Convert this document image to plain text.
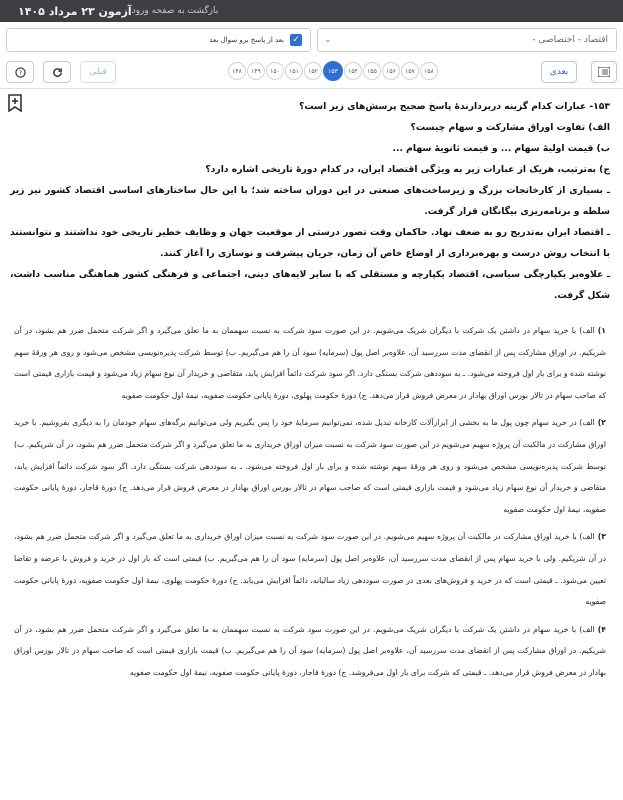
آزمون ۲۳ مرداد ۱۴۰۵ بازگشت به صفحه ورود
اقتصاد - اختصاصی -
⌄
✓
بعد از پاسخ برو سوال بعد
بعدی
۱۵۸
۱۵۷
۱۵۶
۱۵۵
۱۵۴
۱۵۳
۱۵۲
۱۵۱
۱۵۰
۱۴۹
۱۴۸
قبلی
?

۱۵۳- عبارات کدام گزینه دربردارندۀ پاسخ صحیح پرسش‌های زیر است؟

الف) تفاوت اوراق مشارکت و سهام چیست؟

ب) قیمت اولیۀ سهام ... و قیمت ثانویۀ سهام ...

ج) به‌ترتیب، هریک از عبارات زیر به ویژگی اقتصاد ایران، در کدام دورۀ تاریخی اشاره دارد؟

ـ بسیاری از کارخانجات بزرگ و زیرساخت‌های صنعتی در این دوران ساخته شد؛ با این حال ساختارهای اساسی اقتصاد کشور نیز زیر سلطه و برنامه‌ریزی بیگانگان قرار گرفت.

ـ اقتصاد ایران به‌تدریج رو به ضعف نهاد. حاکمان وقت تصور درستی از موقعیت جهان و وظایف خطیر تاریخی خود نداشتند و نتوانستند با انتخاب روش درست و بهره‌برداری از اوضاع خاص آن زمان، جریان پیشرفت و نوسازی را آغاز کنند.

ـ علاوه‌بر یکپارچگی سیاسی، اقتصاد یکپارچه و مستقلی که با سایر لایه‌های دینی، اجتماعی و فرهنگی کشور هماهنگی مناسب داشت، شکل گرفت.

۱)الف) با خرید سهام در داشتن یک شرکت با دیگران شریک می‌شویم. در این صورت سود شرکت به نسبت سهممان به ما تعلق می‌گیرد و اگر شرکت متحمل ضرر هم بشود، در آن شریکیم. در اوراق مشارکت پس از انقضای مدت سررسید آن، علاوه‌بر اصل پول (سرمایه) سود آن را هم می‌گیریم. ب) توسط شرکت پذیره‌نویسی مشخص می‌شود و روی هر ورقۀ سهم نوشته شده و برای بار اول فروخته می‌شود. ـ به سوددهی شرکت بستگی دارد. اگر سود شرکت دائماً افزایش یابد، متقاضی و خریدار آن نوع سهام زیاد می‌شود و قیمت بازاری قیمتی است که صاحب سهام در تالار بورس اوراق بهادار در معرض فروش قرار می‌دهد. ج) دورۀ حکومت پهلوی، دورۀ پایانی حکومت صفویه، نیمۀ اول حکومت صفویه
۲)الف) در خرید سهام چون پول ما به بخشی از ابزارآلات کارخانه تبدیل شده، نمی‌توانیم سرمایۀ خود را پس بگیریم ولی می‌توانیم برگه‌های سهام خودمان را به دیگری بفروشیم. با خرید اوراق مشارکت در مالکیت آن پروژه سهیم می‌شویم در این صورت سود شرکت به نسبت میزان اوراق خریداری به ما تعلق می‌گیرد و اگر شرکت متحمل ضرر هم بشود، در آن شریکیم. ب) توسط شرکت پذیره‌نویسی مشخص می‌شود و روی هر ورقۀ سهم نوشته شده و برای بار اول فروخته می‌شود. ـ به سوددهی شرکت بستگی دارد. اگر سود شرکت دائماً افزایش یابد، متقاضی و خریدار آن نوع سهام زیاد می‌شود و قیمت بازاری قیمتی است که صاحب سهام در تالار بورس اوراق بهادار در معرض فروش قرار می‌دهد. ج) دورۀ قاجار، دورۀ پایانی حکومت صفویه، نیمۀ اول حکومت صفویه
۳)الف) با خرید اوراق مشارکت در مالکیت آن پروژه سهیم می‌شویم. در این صورت سود شرکت به نسبت میزان اوراق خریداری به ما تعلق می‌گیرد و اگر شرکت متحمل ضرر هم بشود، در آن شریکیم. ولی با خرید سهام پس از انقضای مدت سررسید آن، علاوه‌بر اصل پول (سرمایه) سود آن را هم می‌گیریم. ب) قیمتی است که بار اول در خرید و فروش با عرضه و تقاضا تعیین می‌شود. ـ قیمتی است که در خرید و فروش‌های بعدی در صورت سوددهی زیاد سالیانه، دائماً افزایش می‌یابد. ج) دورۀ حکومت پهلوی، نیمۀ اول حکومت صفویه، دورۀ پایانی حکومت صفویه
۴)الف) با خرید سهام در داشتن یک شرکت با دیگران شریک می‌شویم. در این صورت سود شرکت به نسبت سهممان به ما تعلق می‌گیرد و اگر شرکت متحمل ضرر هم بشود، در آن شریکیم. در اوراق مشارکت پس از انقضای مدت سررسید آن، علاوه‌بر اصل پول (سرمایه) سود آن را هم می‌گیریم. ب) قیمت بازاری قیمتی است که صاحب سهام در تالار بورس اوراق بهادار در معرض فروش قرار می‌دهد. ـ قیمتی که شرکت برای بار اول می‌فروشد. ج) دورۀ قاجار، دورۀ پایانی حکومت صفویه، نیمۀ اول حکومت صفویه
